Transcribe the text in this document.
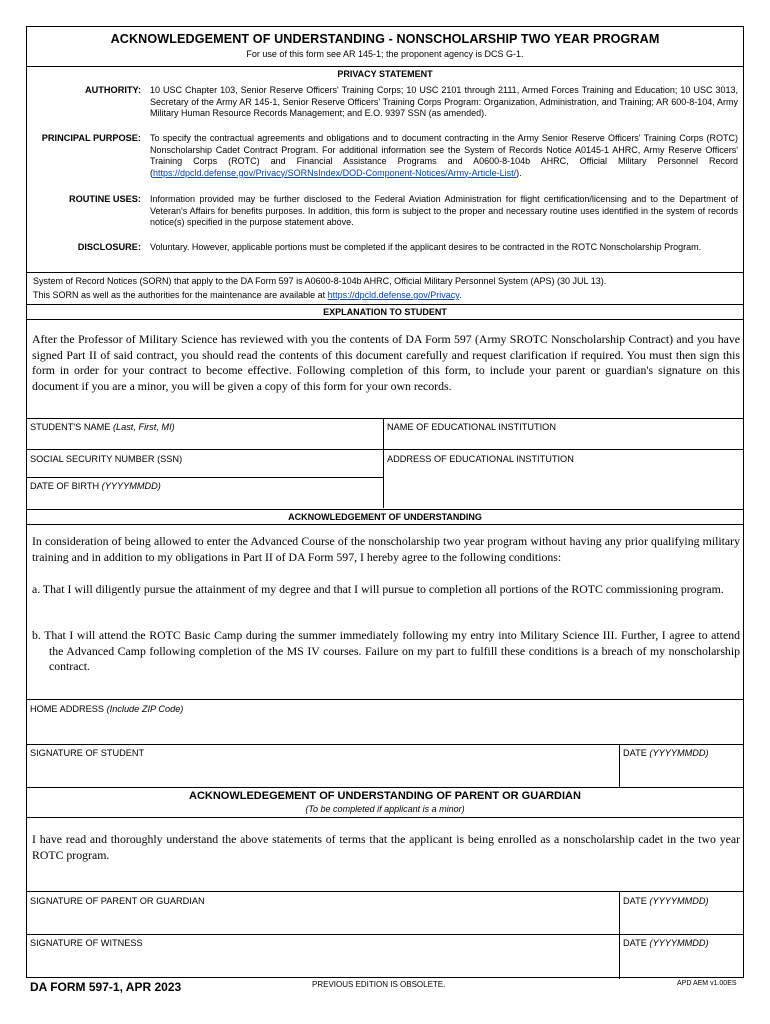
ACKNOWLEDGEMENT OF UNDERSTANDING - NONSCHOLARSHIP TWO YEAR PROGRAM
For use of this form see AR 145-1; the proponent agency is DCS G-1.
PRIVACY STATEMENT
AUTHORITY: 10 USC Chapter 103, Senior Reserve Officers' Training Corps; 10 USC 2101 through 2111, Armed Forces Training and Education; 10 USC 3013, Secretary of the Army AR 145-1, Senior Reserve Officers' Training Corps Program: Organization, Administration, and Training; AR 600-8-104, Army Military Human Resource Records Management; and E.O. 9397 SSN (as amended).
PRINCIPAL PURPOSE: To specify the contractual agreements and obligations and to document contracting in the Army Senior Reserve Officers' Training Corps (ROTC) Nonscholarship Cadet Contract Program. For additional information see the System of Records Notice A0145-1 AHRC, Army Reserve Officers' Training Corps (ROTC) and Financial Assistance Programs and A0600-8-104b AHRC, Official Military Personnel Record (https://dpcld.defense.gov/Privacy/SORNsIndex/DOD-Component-Notices/Army-Article-List/).
ROUTINE USES: Information provided may be further disclosed to the Federal Aviation Administration for flight certification/licensing and to the Department of Veteran's Affairs for benefits purposes. In addition, this form is subject to the proper and necessary routine uses identified in the system of records notice(s) specified in the purpose statement above.
DISCLOSURE: Voluntary. However, applicable portions must be completed if the applicant desires to be contracted in the ROTC Nonscholarship Program.
System of Record Notices (SORN) that apply to the DA Form 597 is A0600-8-104b AHRC, Official Military Personnel System (APS) (30 JUL 13).
This SORN as well as the authorities for the maintenance are available at https://dpcld.defense.gov/Privacy.
EXPLANATION TO STUDENT
After the Professor of Military Science has reviewed with you the contents of DA Form 597 (Army SROTC Nonscholarship Contract) and you have signed Part II of said contract, you should read the contents of this document carefully and request clarification if required. You must then sign this form in order for your contract to become effective. Following completion of this form, to include your parent or guardian's signature on this document if you are a minor, you will be given a copy of this form for your own records.
STUDENT'S NAME (Last, First, MI)	NAME OF EDUCATIONAL INSTITUTION
SOCIAL SECURITY NUMBER (SSN)	ADDRESS OF EDUCATIONAL INSTITUTION
DATE OF BIRTH (YYYYMMDD)
ACKNOWLEDGEMENT OF UNDERSTANDING
In consideration of being allowed to enter the Advanced Course of the nonscholarship two year program without having any prior qualifying military training and in addition to my obligations in Part II of DA Form 597, I hereby agree to the following conditions:
a. That I will diligently pursue the attainment of my degree and that I will pursue to completion all portions of the ROTC commissioning program.
b. That I will attend the ROTC Basic Camp during the summer immediately following my entry into Military Science III. Further, I agree to attend the Advanced Camp following completion of the MS IV courses. Failure on my part to fulfill these conditions is a breach of my nonscholarship contract.
HOME ADDRESS (Include ZIP Code)
SIGNATURE OF STUDENT	DATE (YYYYMMDD)
ACKNOWLEDEGEMENT OF UNDERSTANDING OF PARENT OR GUARDIAN
(To be completed if applicant is a minor)
I have read and thoroughly understand the above statements of terms that the applicant is being enrolled as a nonscholarship cadet in the two year ROTC program.
SIGNATURE OF PARENT OR GUARDIAN	DATE (YYYYMMDD)
SIGNATURE OF WITNESS	DATE (YYYYMMDD)
DA FORM 597-1, APR 2023	PREVIOUS EDITION IS OBSOLETE.	APD AEM v1.00ES
